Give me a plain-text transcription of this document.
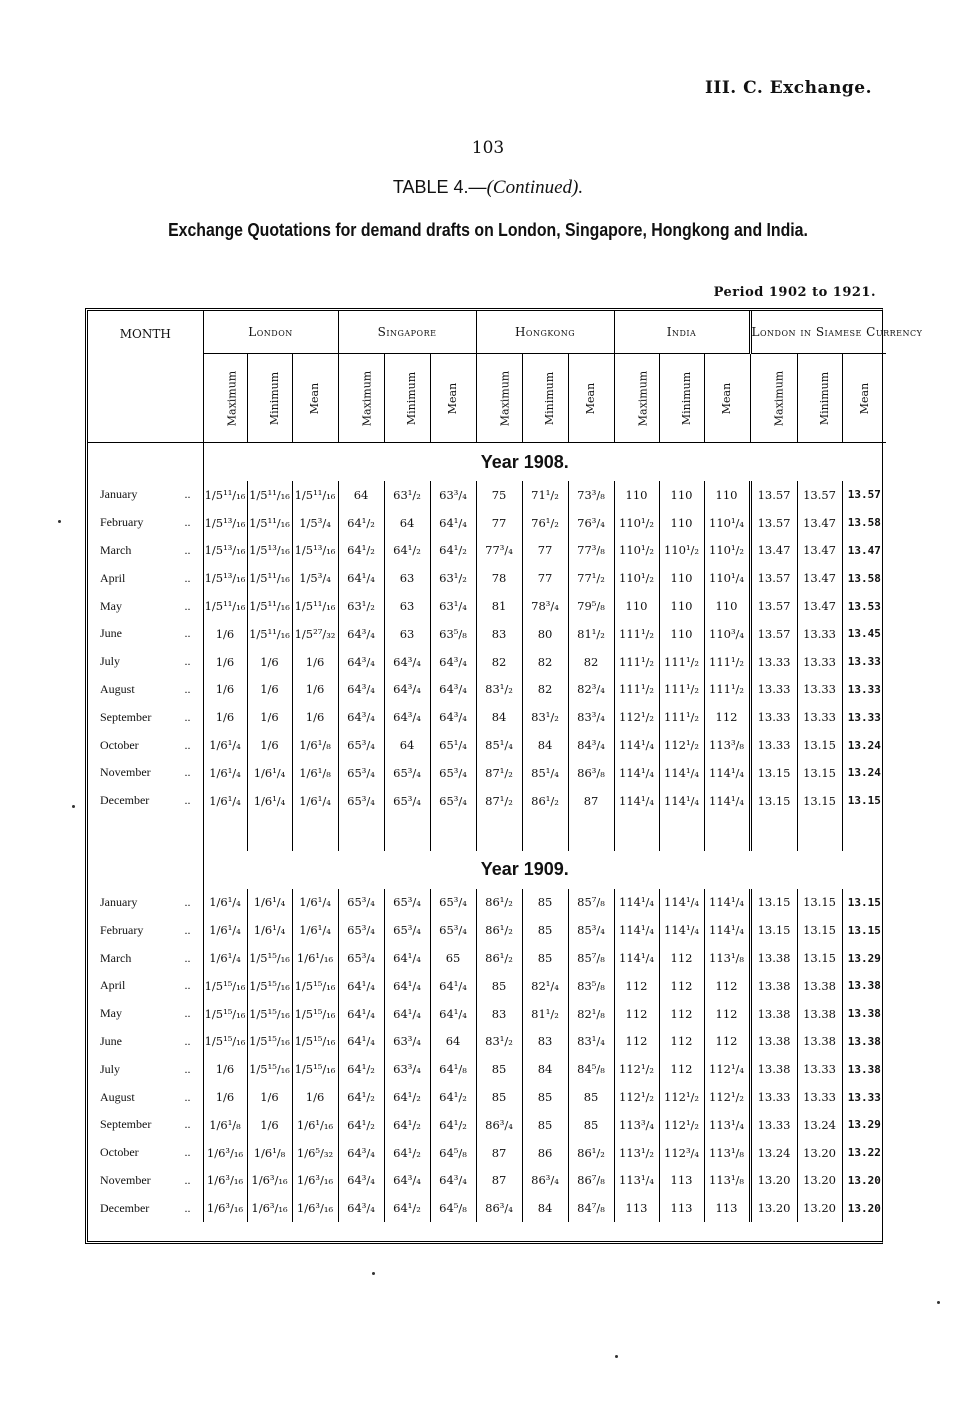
III. C. Exchange.
103
TABLE 4.—(Continued).
Exchange Quotations for demand drafts on London, Singapore, Hongkong and India.
Period 1902 to 1921.
MONTH	London			Singapore			Hongkong			India			London in Siamese Currency		
	Maximum	Minimum	Mean	Maximum	Minimum	Mean	Maximum	Minimum	Mean	Maximum	Minimum	Mean	Maximum	Minimum	Mean
	Year 1908.														
January ..	1/5¹¹/₁₆	1/5¹¹/₁₆	1/5¹¹/₁₆	64	63¹/₂	63³/₄	75	71¹/₂	73³/₈	110	110	110	13.57	13.57	13.57
February ..	1/5¹³/₁₆	1/5¹¹/₁₆	1/5³/₄	64¹/₂	64	64¹/₄	77	76¹/₂	76³/₄	110¹/₂	110	110¹/₄	13.57	13.47	13.58
March ..	1/5¹³/₁₆	1/5¹³/₁₆	1/5¹³/₁₆	64¹/₂	64¹/₂	64¹/₂	77³/₄	77	77³/₈	110¹/₂	110¹/₂	110¹/₂	13.47	13.47	13.47
April ..	1/5¹³/₁₆	1/5¹¹/₁₆	1/5³/₄	64¹/₄	63	63¹/₂	78	77	77¹/₂	110¹/₂	110	110¹/₄	13.57	13.47	13.58
May ..	1/5¹¹/₁₆	1/5¹¹/₁₆	1/5¹¹/₁₆	63¹/₂	63	63¹/₄	81	78³/₄	79⁵/₈	110	110	110	13.57	13.47	13.53
June ..	1/6	1/5¹¹/₁₆	1/5²⁷/₃₂	64³/₄	63	63⁵/₈	83	80	81¹/₂	111¹/₂	110	110³/₄	13.57	13.33	13.45
July ..	1/6	1/6	1/6	64³/₄	64³/₄	64³/₄	82	82	82	111¹/₂	111¹/₂	111¹/₂	13.33	13.33	13.33
August ..	1/6	1/6	1/6	64³/₄	64³/₄	64³/₄	83¹/₂	82	82³/₄	111¹/₂	111¹/₂	111¹/₂	13.33	13.33	13.33
September ..	1/6	1/6	1/6	64³/₄	64³/₄	64³/₄	84	83¹/₂	83³/₄	112¹/₂	111¹/₂	112	13.33	13.33	13.33
October ..	1/6¹/₄	1/6	1/6¹/₈	65³/₄	64	65¹/₄	85¹/₄	84	84³/₄	114¹/₄	112¹/₂	113³/₈	13.33	13.15	13.24
November ..	1/6¹/₄	1/6¹/₄	1/6¹/₈	65³/₄	65³/₄	65³/₄	87¹/₂	85¹/₄	86³/₈	114¹/₄	114¹/₄	114¹/₄	13.15	13.15	13.24
December ..	1/6¹/₄	1/6¹/₄	1/6¹/₄	65³/₄	65³/₄	65³/₄	87¹/₂	86¹/₂	87	114¹/₄	114¹/₄	114¹/₄	13.15	13.15	13.15

	Year 1909.														
January ..	1/6¹/₄	1/6¹/₄	1/6¹/₄	65³/₄	65³/₄	65³/₄	86¹/₂	85	85⁷/₈	114¹/₄	114¹/₄	114¹/₄	13.15	13.15	13.15
February ..	1/6¹/₄	1/6¹/₄	1/6¹/₄	65³/₄	65³/₄	65³/₄	86¹/₂	85	85³/₄	114¹/₄	114¹/₄	114¹/₄	13.15	13.15	13.15
March ..	1/6¹/₄	1/5¹⁵/₁₆	1/6¹/₁₆	65³/₄	64¹/₄	65	86¹/₂	85	85⁷/₈	114¹/₄	112	113¹/₈	13.38	13.15	13.29
April ..	1/5¹⁵/₁₆	1/5¹⁵/₁₆	1/5¹⁵/₁₆	64¹/₄	64¹/₄	64¹/₄	85	82¹/₄	83⁵/₈	112	112	112	13.38	13.38	13.38
May ..	1/5¹⁵/₁₆	1/5¹⁵/₁₆	1/5¹⁵/₁₆	64¹/₄	64¹/₄	64¹/₄	83	81¹/₂	82¹/₈	112	112	112	13.38	13.38	13.38
June ..	1/5¹⁵/₁₆	1/5¹⁵/₁₆	1/5¹⁵/₁₆	64¹/₄	63³/₄	64	83¹/₂	83	83¹/₄	112	112	112	13.38	13.38	13.38
July ..	1/6	1/5¹⁵/₁₆	1/5¹⁵/₁₆	64¹/₂	63³/₄	64¹/₈	85	84	84⁵/₈	112¹/₂	112	112¹/₄	13.38	13.33	13.38
August ..	1/6	1/6	1/6	64¹/₂	64¹/₂	64¹/₂	85	85	85	112¹/₂	112¹/₂	112¹/₂	13.33	13.33	13.33
September ..	1/6¹/₈	1/6	1/6¹/₁₆	64¹/₂	64¹/₂	64¹/₂	86³/₄	85	85	113³/₄	112¹/₂	113¹/₄	13.33	13.24	13.29
October ..	1/6³/₁₆	1/6¹/₈	1/6⁵/₃₂	64³/₄	64¹/₂	64⁵/₈	87	86	86¹/₂	113¹/₂	112³/₄	113¹/₈	13.24	13.20	13.22
November ..	1/6³/₁₆	1/6³/₁₆	1/6³/₁₆	64³/₄	64³/₄	64³/₄	87	86³/₄	86⁷/₈	113¹/₄	113	113¹/₈	13.20	13.20	13.20
December ..	1/6³/₁₆	1/6³/₁₆	1/6³/₁₆	64³/₄	64¹/₂	64⁵/₈	86³/₄	84	84⁷/₈	113	113	113	13.20	13.20	13.20
